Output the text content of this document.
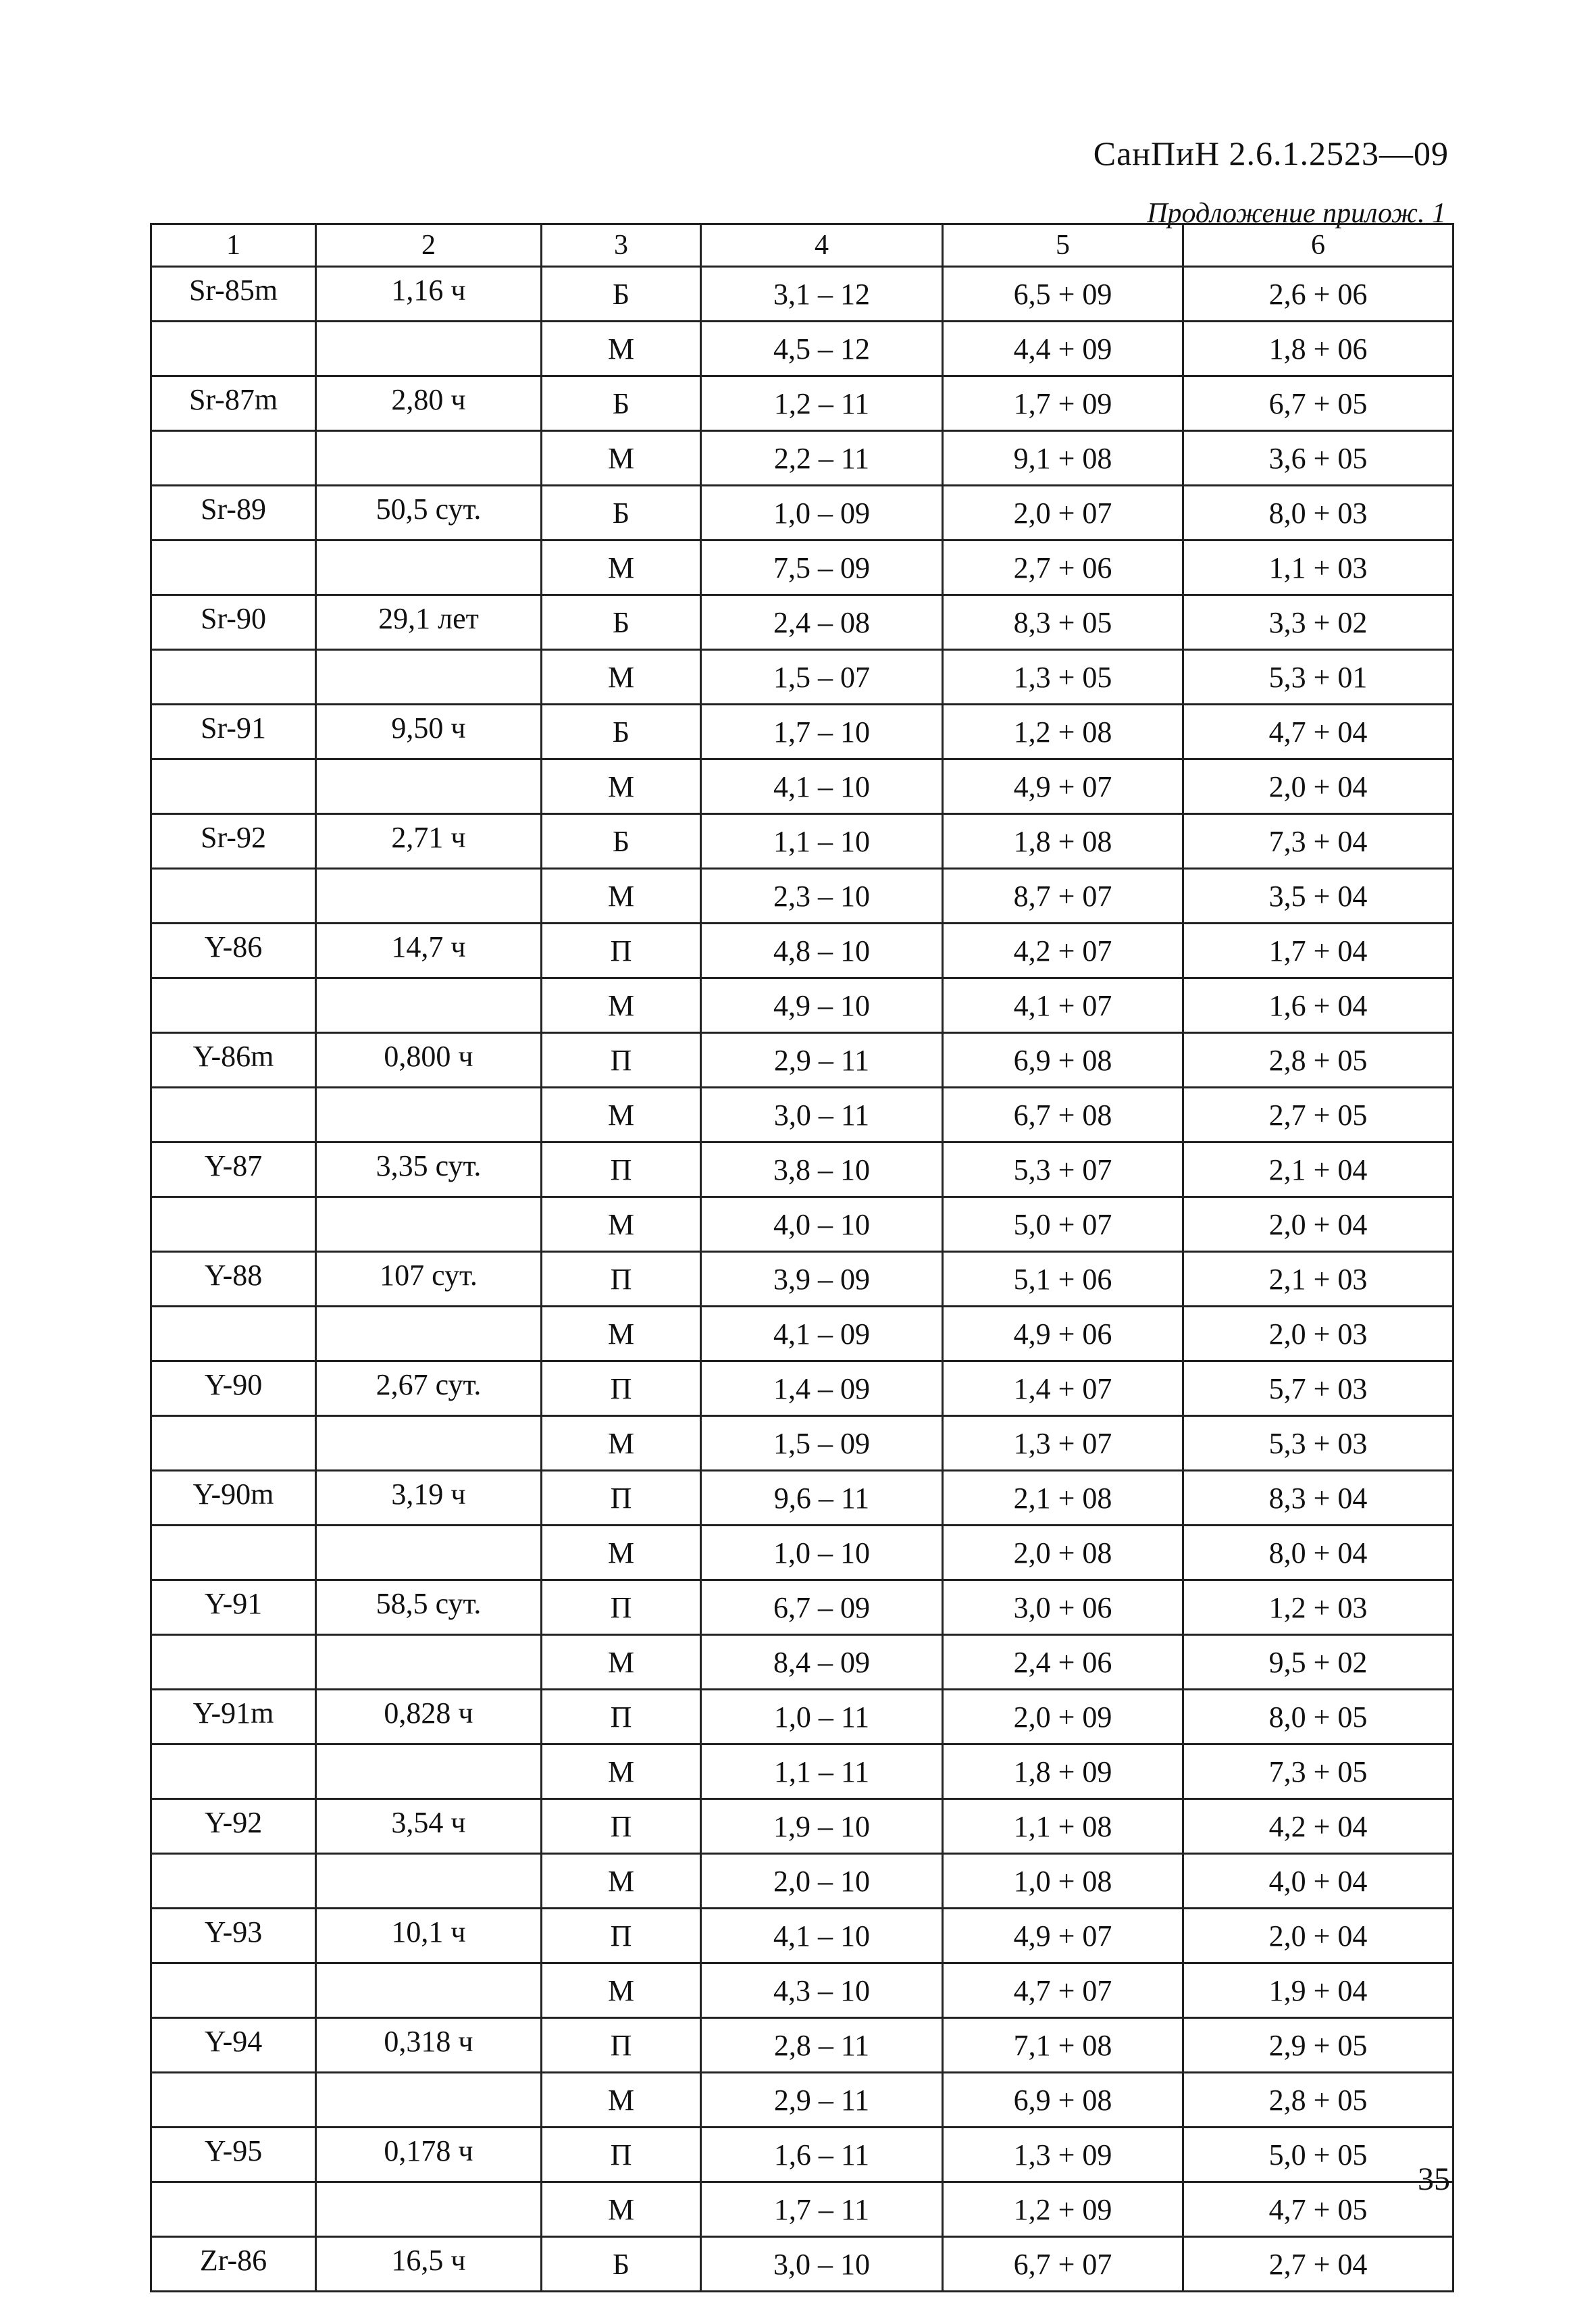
СанПиН 2.6.1.2523—09
Продложение прилож. 1
1	2	3	4	5	6
Sr-85m	1,16 ч	Б	3,1 – 12	6,5 + 09	2,6 + 06
		М	4,5 – 12	4,4 + 09	1,8 + 06
Sr-87m	2,80 ч	Б	1,2 – 11	1,7 + 09	6,7 + 05
		М	2,2 – 11	9,1 + 08	3,6 + 05
Sr-89	50,5 сут.	Б	1,0 – 09	2,0 + 07	8,0 + 03
		М	7,5 – 09	2,7 + 06	1,1 + 03
Sr-90	29,1 лет	Б	2,4 – 08	8,3 + 05	3,3 + 02
		М	1,5 – 07	1,3 + 05	5,3 + 01
Sr-91	9,50 ч	Б	1,7 – 10	1,2 + 08	4,7 + 04
		М	4,1 – 10	4,9 + 07	2,0 + 04
Sr-92	2,71 ч	Б	1,1 – 10	1,8 + 08	7,3 + 04
		М	2,3 – 10	8,7 + 07	3,5 + 04
Y-86	14,7 ч	П	4,8 – 10	4,2 + 07	1,7 + 04
		М	4,9 – 10	4,1 + 07	1,6 + 04
Y-86m	0,800 ч	П	2,9 – 11	6,9 + 08	2,8 + 05
		М	3,0 – 11	6,7 + 08	2,7 + 05
Y-87	3,35 сут.	П	3,8 – 10	5,3 + 07	2,1 + 04
		М	4,0 – 10	5,0 + 07	2,0 + 04
Y-88	107 сут.	П	3,9 – 09	5,1 + 06	2,1 + 03
		М	4,1 – 09	4,9 + 06	2,0 + 03
Y-90	2,67 сут.	П	1,4 – 09	1,4 + 07	5,7 + 03
		М	1,5 – 09	1,3 + 07	5,3 + 03
Y-90m	3,19 ч	П	9,6 – 11	2,1 + 08	8,3 + 04
		М	1,0 – 10	2,0 + 08	8,0 + 04
Y-91	58,5 сут.	П	6,7 – 09	3,0 + 06	1,2 + 03
		М	8,4 – 09	2,4 + 06	9,5 + 02
Y-91m	0,828 ч	П	1,0 – 11	2,0 + 09	8,0 + 05
		М	1,1 – 11	1,8 + 09	7,3 + 05
Y-92	3,54 ч	П	1,9 – 10	1,1 + 08	4,2 + 04
		М	2,0 – 10	1,0 + 08	4,0 + 04
Y-93	10,1 ч	П	4,1 – 10	4,9 + 07	2,0 + 04
		М	4,3 – 10	4,7 + 07	1,9 + 04
Y-94	0,318 ч	П	2,8 – 11	7,1 + 08	2,9 + 05
		М	2,9 – 11	6,9 + 08	2,8 + 05
Y-95	0,178 ч	П	1,6 – 11	1,3 + 09	5,0 + 05
		М	1,7 – 11	1,2 + 09	4,7 + 05
Zr-86	16,5 ч	Б	3,0 – 10	6,7 + 07	2,7 + 04
35
